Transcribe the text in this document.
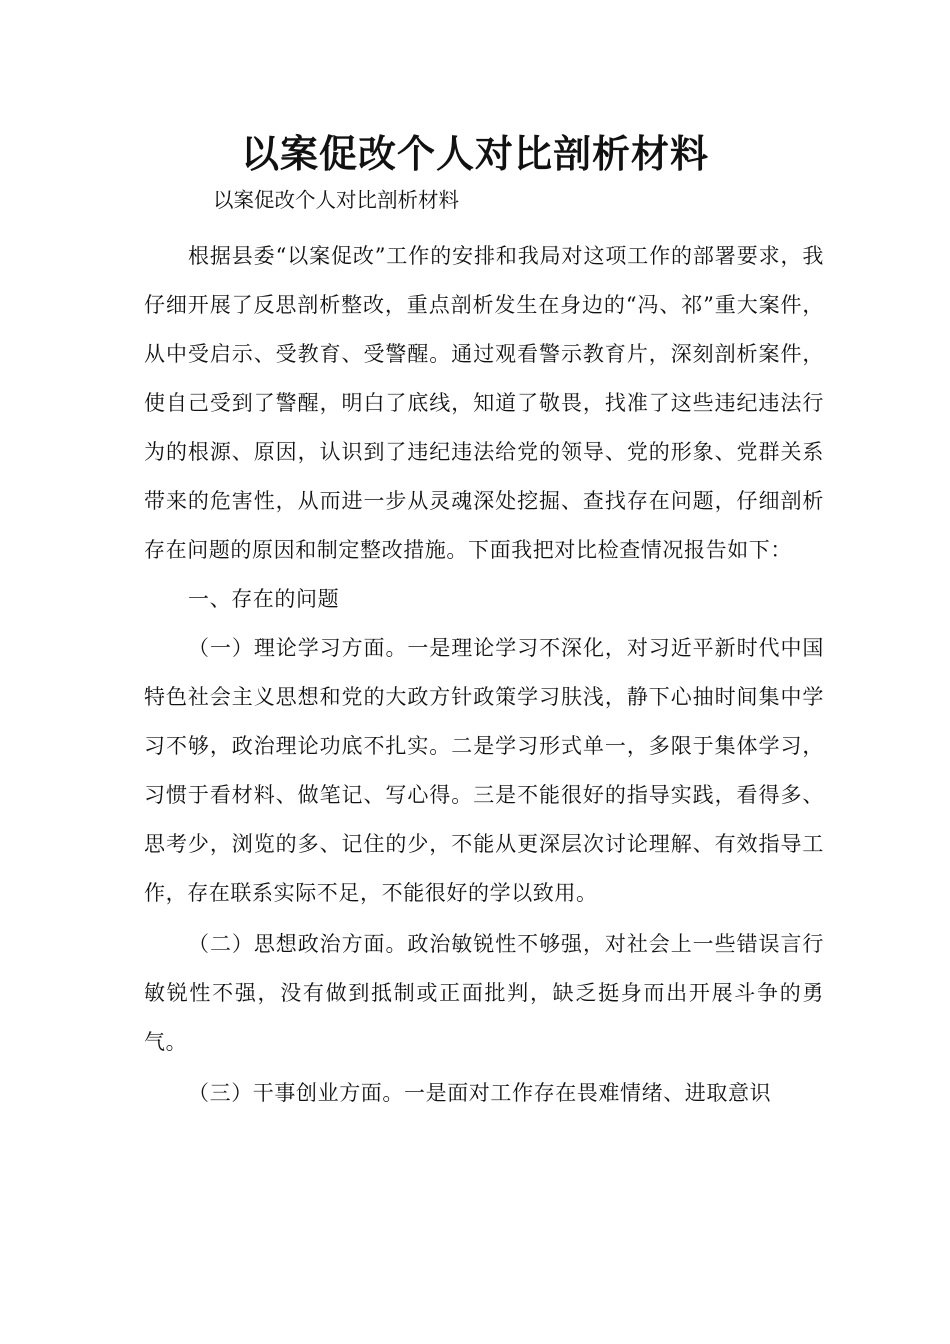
以案促改个人对比剖析材料

以案促改个人对比剖析材料

根据县委“以案促改”工作的安排和我局对这项工作的部署要求，我仔细开展了反思剖析整改，重点剖析发生在身边的“冯、祁”重大案件，从中受启示、受教育、受警醒。通过观看警示教育片，深刻剖析案件，使自己受到了警醒，明白了底线，知道了敬畏，找准了这些违纪违法行为的根源、原因，认识到了违纪违法给党的领导、党的形象、党群关系带来的危害性，从而进一步从灵魂深处挖掘、查找存在问题，仔细剖析存在问题的原因和制定整改措施。下面我把对比检查情况报告如下：

一、存在的问题

（一）理论学习方面。一是理论学习不深化，对习近平新时代中国特色社会主义思想和党的大政方针政策学习肤浅，静下心抽时间集中学习不够，政治理论功底不扎实。二是学习形式单一，多限于集体学习，习惯于看材料、做笔记、写心得。三是不能很好的指导实践，看得多、思考少，浏览的多、记住的少，不能从更深层次讨论理解、有效指导工作，存在联系实际不足，不能很好的学以致用。

（二）思想政治方面。政治敏锐性不够强，对社会上一些错误言行敏锐性不强，没有做到抵制或正面批判，缺乏挺身而出开展斗争的勇气。

（三）干事创业方面。一是面对工作存在畏难情绪、进取意识
